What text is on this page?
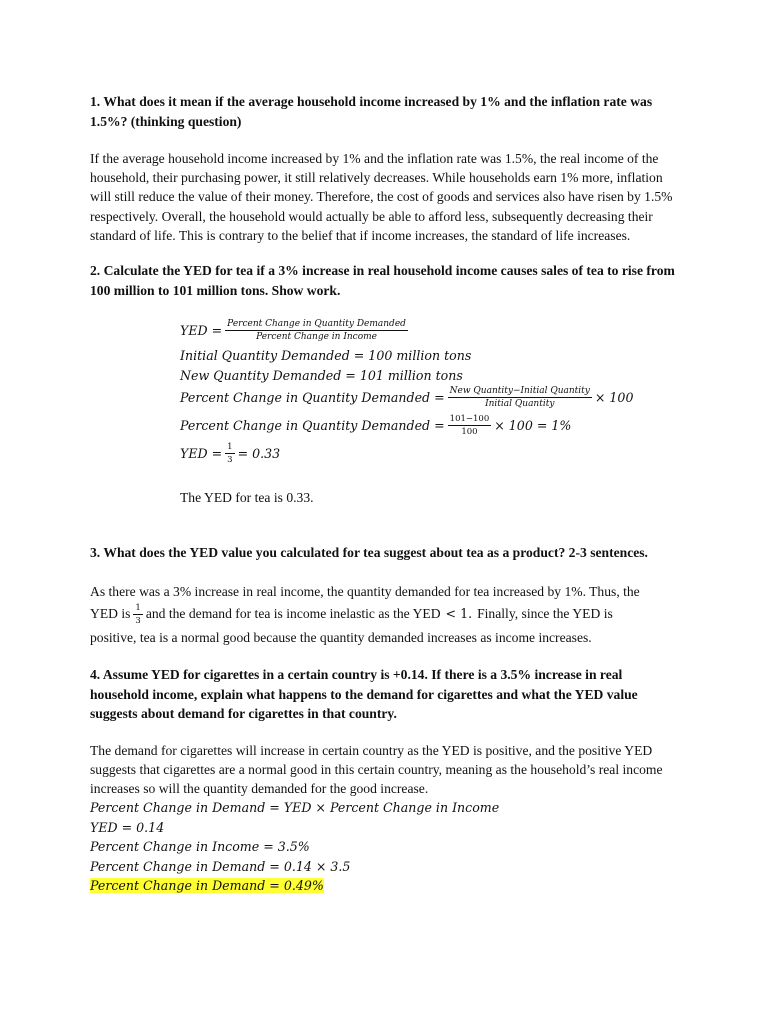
1. What does it mean if the average household income increased by 1% and the inflation rate was 1.5%? (thinking question)
If the average household income increased by 1% and the inflation rate was 1.5%, the real income of the household, their purchasing power, it still relatively decreases. While households earn 1% more, inflation will still reduce the value of their money. Therefore, the cost of goods and services also have risen by 1.5% respectively. Overall, the household would actually be able to afford less, subsequently decreasing their standard of life. This is contrary to the belief that if income increases, the standard of life increases.
2. Calculate the YED for tea if a 3% increase in real household income causes sales of tea to rise from 100 million to 101 million tons. Show work.
YED = $\frac{\text{Percent Change in Quantity Demanded}}{\text{Percent Change in Income}}$
Initial Quantity Demanded = 100 million tons
New Quantity Demanded = 101 million tons
Percent Change in Quantity Demanded = $\frac{\text{New Quantity−Initial Quantity}}{\text{Initial Quantity}} \times 100$
Percent Change in Quantity Demanded = $\frac{101-100}{100} \times 100 = 1\%$
YED = $\frac{1}{3} = 0.33$
The YED for tea is 0.33.
3. What does the YED value you calculated for tea suggest about tea as a product? 2-3 sentences.
As there was a 3% increase in real income, the quantity demanded for tea increased by 1%. Thus, the
YED is $\frac{1}{3}$ and the demand for tea is income inelastic as the YED < 1. Finally, since the YED is
positive, tea is a normal good because the quantity demanded increases as income increases.
4. Assume YED for cigarettes in a certain country is +0.14. If there is a 3.5% increase in real household income, explain what happens to the demand for cigarettes and what the YED value suggests about demand for cigarettes in that country.
The demand for cigarettes will increase in certain country as the YED is positive, and the positive YED suggests that cigarettes are a normal good in this certain country, meaning as the household’s real income increases so will the quantity demanded for the good increase.
Percent Change in Demand = YED × Percent Change in Income
YED = 0.14
Percent Change in Income = 3.5%
Percent Change in Demand = 0.14 × 3.5
Percent Change in Demand = 0.49%
